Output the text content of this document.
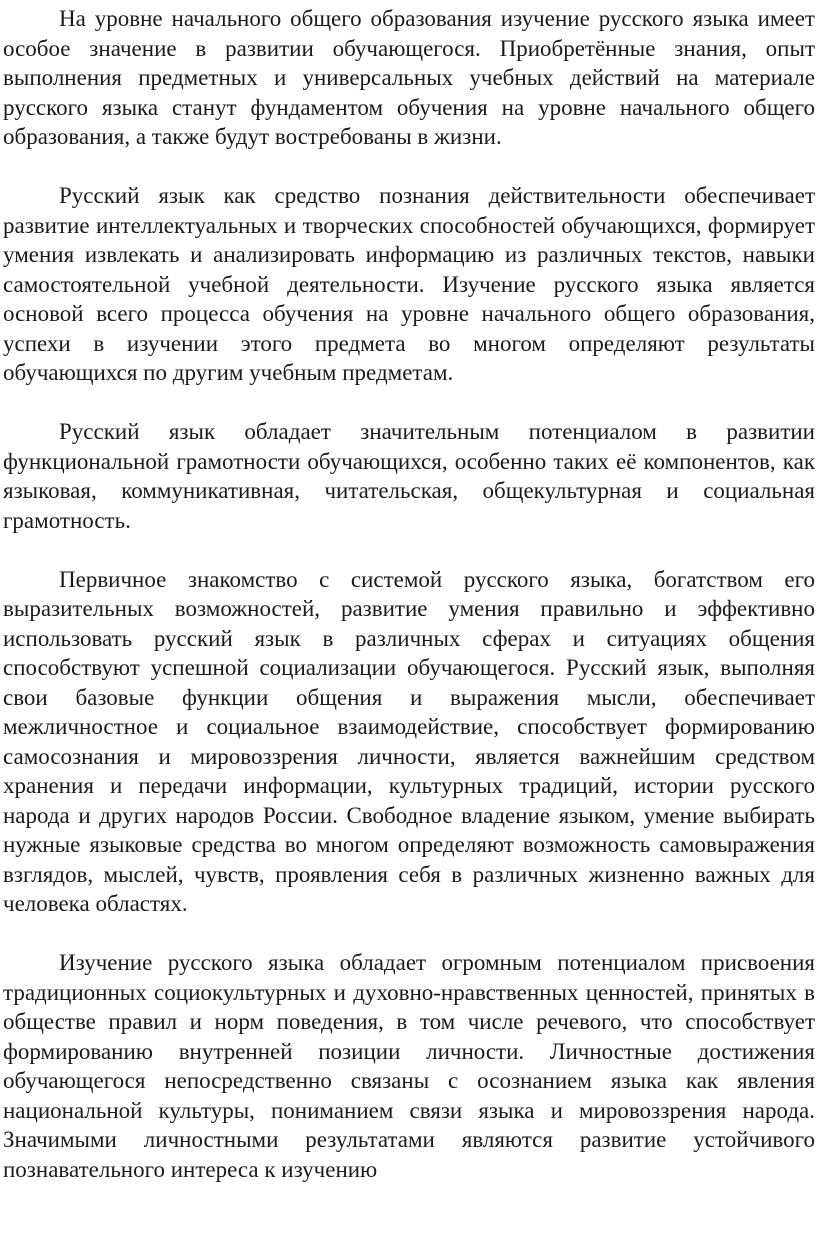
На уровне начального общего образования изучение русского языка имеет особое значение в развитии обучающегося. Приобретённые знания, опыт выполнения предметных и универсальных учебных действий на материале русского языка станут фундаментом обучения на уровне начального общего образования, а также будут востребованы в жизни.

Русский язык как средство познания действительности обеспечивает развитие интеллектуальных и творческих способностей обучающихся, формирует умения извлекать и анализировать информацию из различных текстов, навыки самостоятельной учебной деятельности. Изучение русского языка является основой всего процесса обучения на уровне начального общего образования, успехи в изучении этого предмета во многом определяют результаты обучающихся по другим учебным предметам.

Русский язык обладает значительным потенциалом в развитии функциональной грамотности обучающихся, особенно таких её компонентов, как языковая, коммуникативная, читательская, общекультурная и социальная грамотность.

Первичное знакомство с системой русского языка, богатством его выразительных возможностей, развитие умения правильно и эффективно использовать русский язык в различных сферах и ситуациях общения способствуют успешной социализации обучающегося. Русский язык, выполняя свои базовые функции общения и выражения мысли, обеспечивает межличностное и социальное взаимодействие, способствует формированию самосознания и мировоззрения личности, является важнейшим средством хранения и передачи информации, культурных традиций, истории русского народа и других народов России. Свободное владение языком, умение выбирать нужные языковые средства во многом определяют возможность самовыражения взглядов, мыслей, чувств, проявления себя в различных жизненно важных для человека областях.

Изучение русского языка обладает огромным потенциалом присвоения традиционных социокультурных и духовно-нравственных ценностей, принятых в обществе правил и норм поведения, в том числе речевого, что способствует формированию внутренней позиции личности. Личностные достижения обучающегося непосредственно связаны с осознанием языка как явления национальной культуры, пониманием связи языка и мировоззрения народа. Значимыми личностными результатами являются развитие устойчивого познавательного интереса к изучению
